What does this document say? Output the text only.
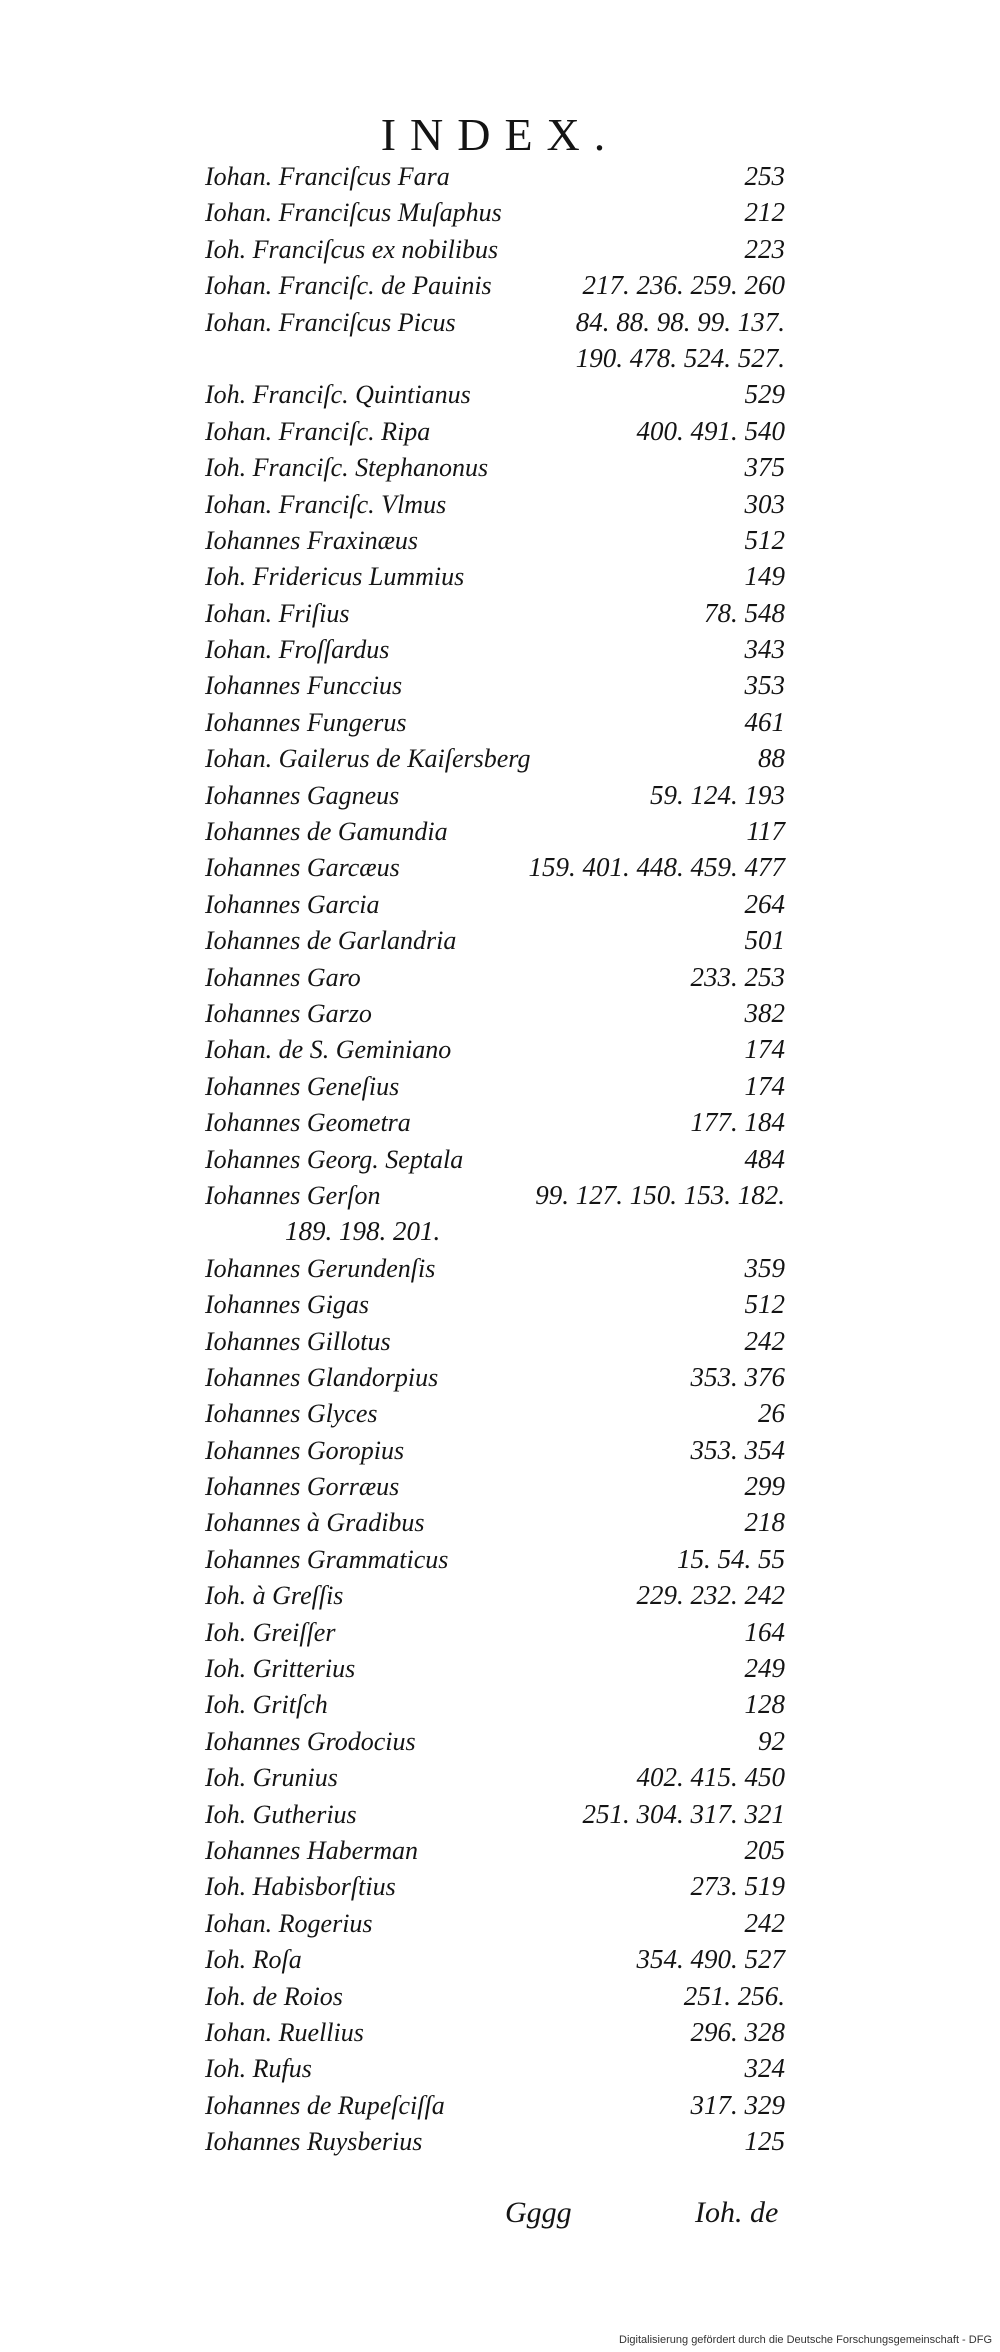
INDEX.
Iohan. Franciſcus Fara	253
Iohan. Franciſcus Muſaphus	212
Ioh. Franciſcus ex nobilibus	223
Iohan. Franciſc. de Pauinis	217. 236. 259. 260
Iohan. Franciſcus Picus	84. 88. 98. 99. 137.
190. 478. 524. 527.
Ioh. Franciſc. Quintianus	529
Iohan. Franciſc. Ripa	400. 491. 540
Ioh. Franciſc. Stephanonus	375
Iohan. Franciſc. Vlmus	303
Iohannes Fraxinæus	512
Ioh. Fridericus Lummius	149
Iohan. Friſius	78. 548
Iohan. Froſſardus	343
Iohannes Funccius	353
Iohannes Fungerus	461
Iohan. Gailerus de Kaiſersberg	88
Iohannes Gagneus	59. 124. 193
Iohannes de Gamundia	117
Iohannes Garcæus	159. 401. 448. 459. 477
Iohannes Garcia	264
Iohannes de Garlandria	501
Iohannes Garo	233. 253
Iohannes Garzo	382
Iohan. de S. Geminiano	174
Iohannes Geneſius	174
Iohannes Geometra	177. 184
Iohannes Georg. Septala	484
Iohannes Gerſon	99. 127. 150. 153. 182.
189. 198. 201.
Iohannes Gerundenſis	359
Iohannes Gigas	512
Iohannes Gillotus	242
Iohannes Glandorpius	353. 376
Iohannes Glyces	26
Iohannes Goropius	353. 354
Iohannes Gorræus	299
Iohannes à Gradibus	218
Iohannes Grammaticus	15. 54. 55
Ioh. à Greſſis	229. 232. 242
Ioh. Greiſſer	164
Ioh. Gritterius	249
Ioh. Gritſch	128
Iohannes Grodocius	92
Ioh. Grunius	402. 415. 450
Ioh. Gutherius	251. 304. 317. 321
Iohannes Haberman	205
Ioh. Habisborſtius	273. 519
Iohan. Rogerius	242
Ioh. Roſa	354. 490. 527
Ioh. de Roios	251. 256.
Iohan. Ruellius	296. 328
Ioh. Rufus	324
Iohannes de Rupeſciſſa	317. 329
Iohannes Ruysberius	125
Gggg	Ioh. de
Digitalisierung gefördert durch die Deutsche Forschungsgemeinschaft - DFG
